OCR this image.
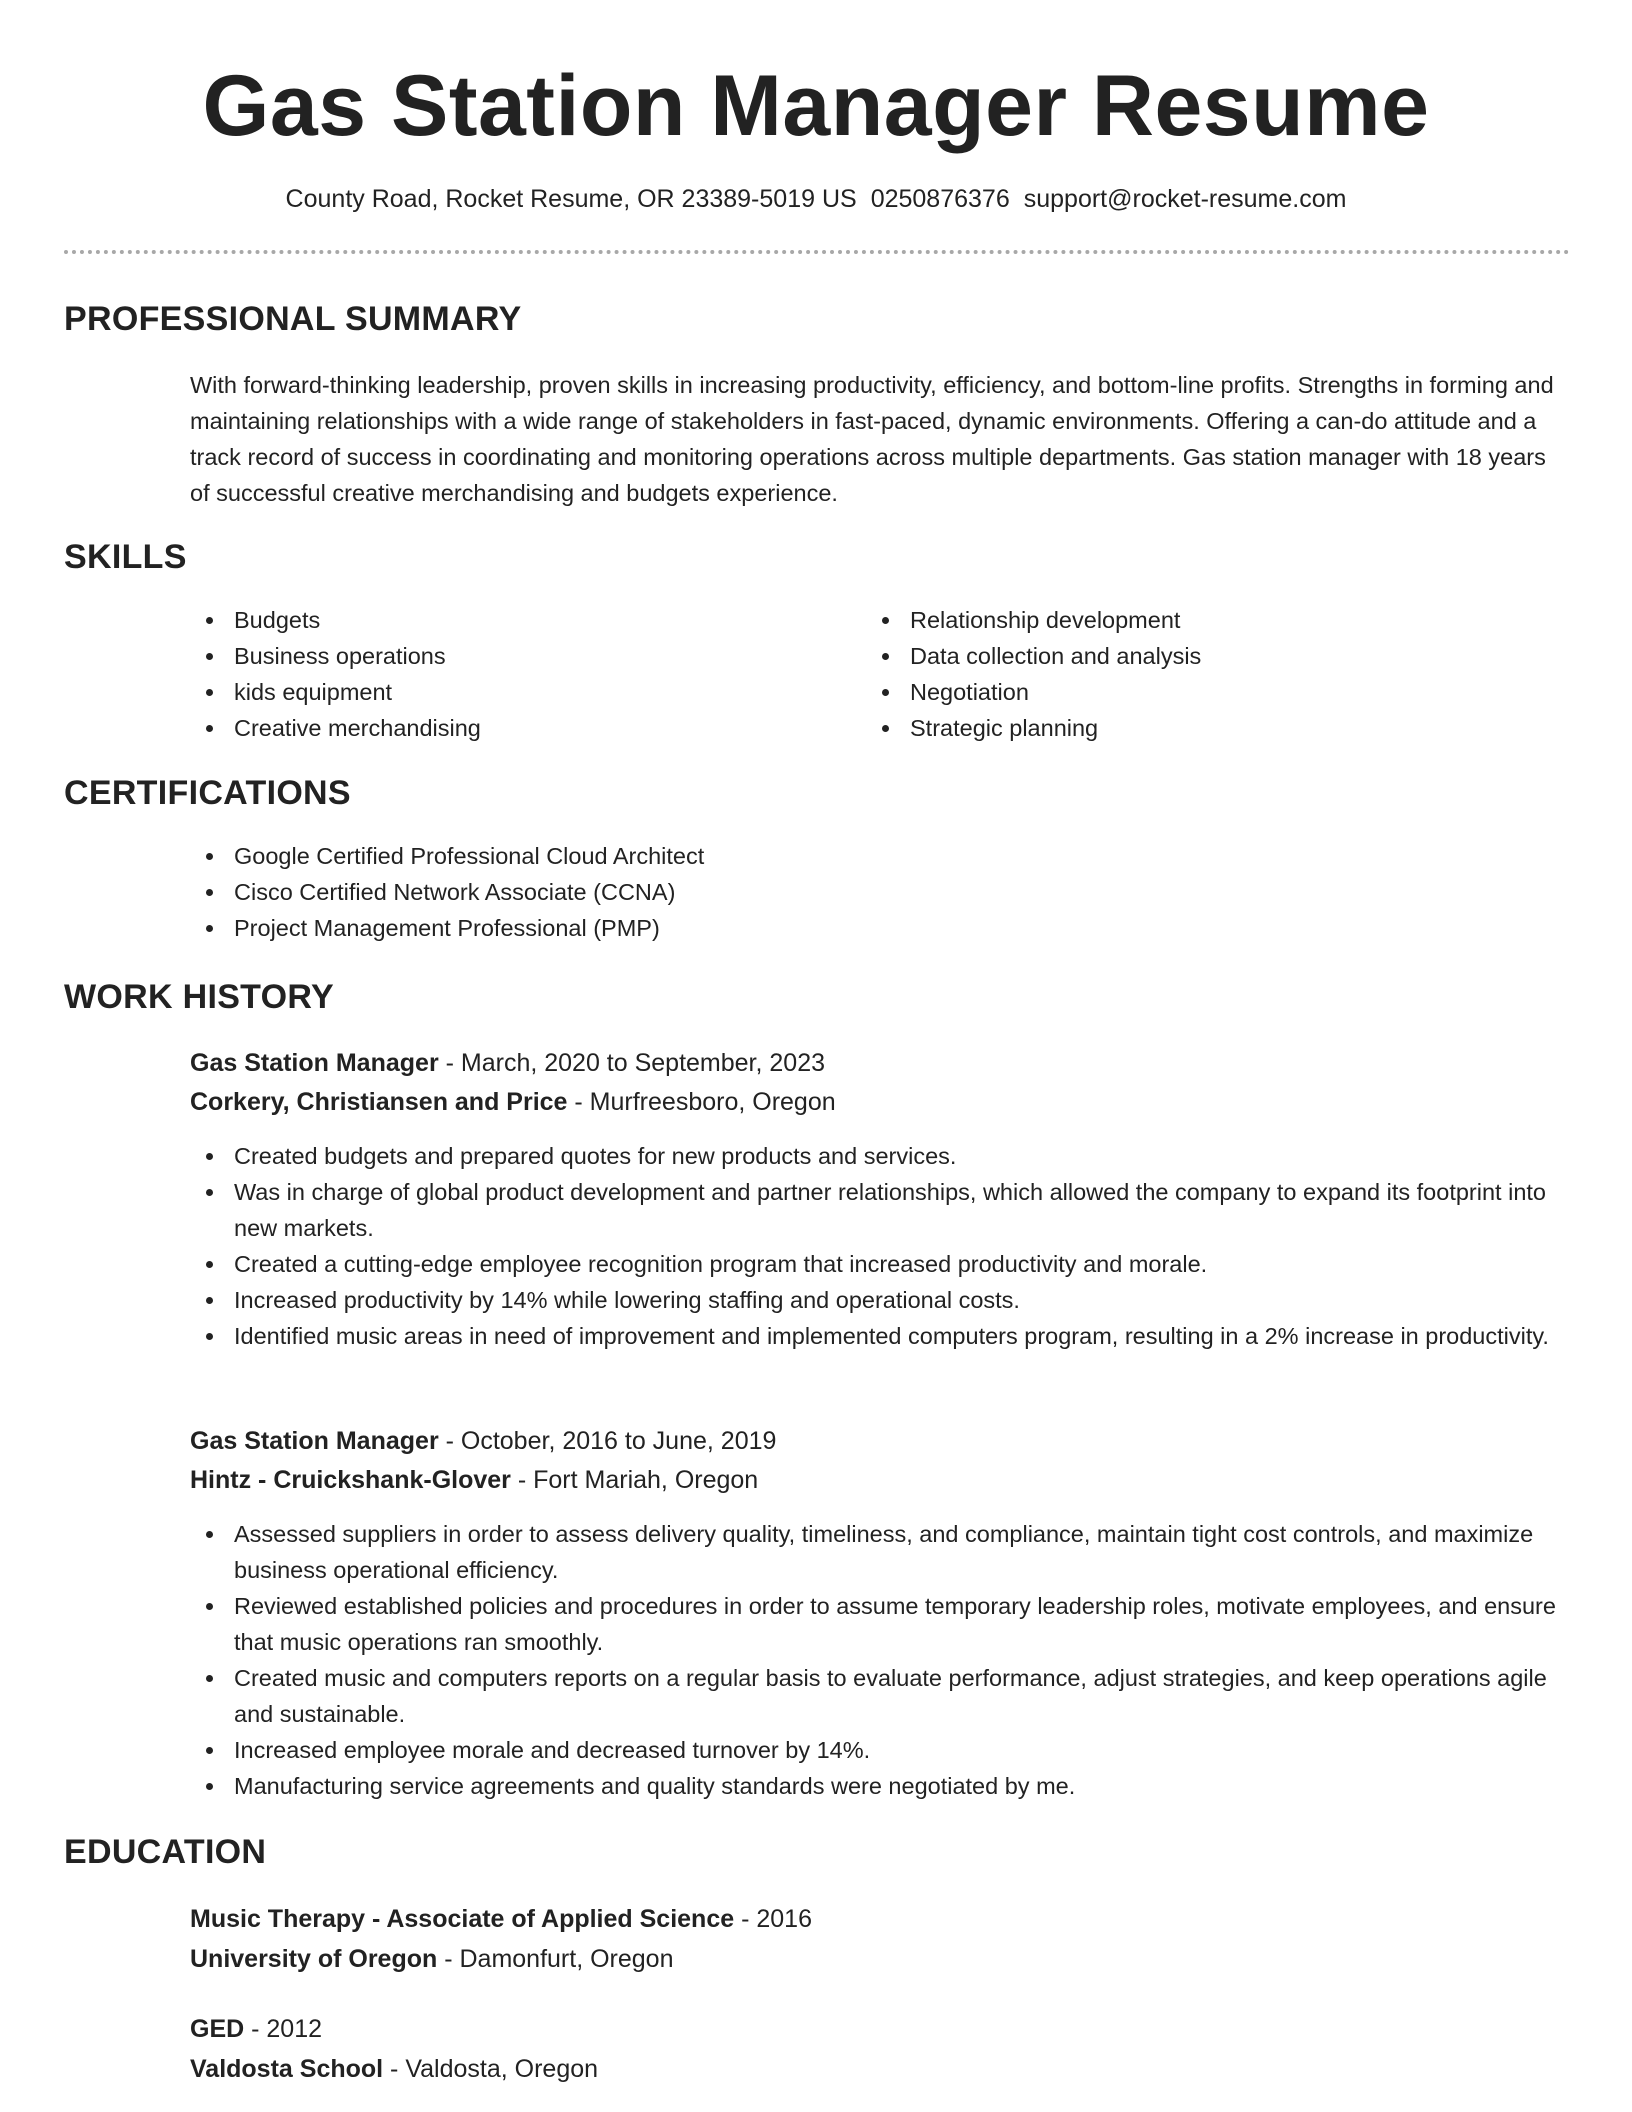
Gas Station Manager Resume
County Road, Rocket Resume, OR 23389-5019 US 0250876376 support@rocket-resume.com
PROFESSIONAL SUMMARY

With forward-thinking leadership, proven skills in increasing productivity, efficiency, and bottom-line profits. Strengths in forming and maintaining relationships with a wide range of stakeholders in fast-paced, dynamic environments. Offering a can-do attitude and a track record of success in coordinating and monitoring operations across multiple departments. Gas station manager with 18 years of successful creative merchandising and budgets experience.

SKILLS
Budgets
Business operations
kids equipment
Creative merchandising
Relationship development
Data collection and analysis
Negotiation
Strategic planning
CERTIFICATIONS
Google Certified Professional Cloud Architect
Cisco Certified Network Associate (CCNA)
Project Management Professional (PMP)
WORK HISTORY
Gas Station Manager - March, 2020 to September, 2023
Corkery, Christiansen and Price - Murfreesboro, Oregon
Created budgets and prepared quotes for new products and services.
Was in charge of global product development and partner relationships, which allowed the company to expand its footprint into new markets.
Created a cutting-edge employee recognition program that increased productivity and morale.
Increased productivity by 14% while lowering staffing and operational costs.
Identified music areas in need of improvement and implemented computers program, resulting in a 2% increase in productivity.
Gas Station Manager - October, 2016 to June, 2019
Hintz - Cruickshank-Glover - Fort Mariah, Oregon
Assessed suppliers in order to assess delivery quality, timeliness, and compliance, maintain tight cost controls, and maximize business operational efficiency.
Reviewed established policies and procedures in order to assume temporary leadership roles, motivate employees, and ensure that music operations ran smoothly.
Created music and computers reports on a regular basis to evaluate performance, adjust strategies, and keep operations agile and sustainable.
Increased employee morale and decreased turnover by 14%.
Manufacturing service agreements and quality standards were negotiated by me.
EDUCATION
Music Therapy - Associate of Applied Science - 2016
University of Oregon - Damonfurt, Oregon
GED - 2012
Valdosta School - Valdosta, Oregon
